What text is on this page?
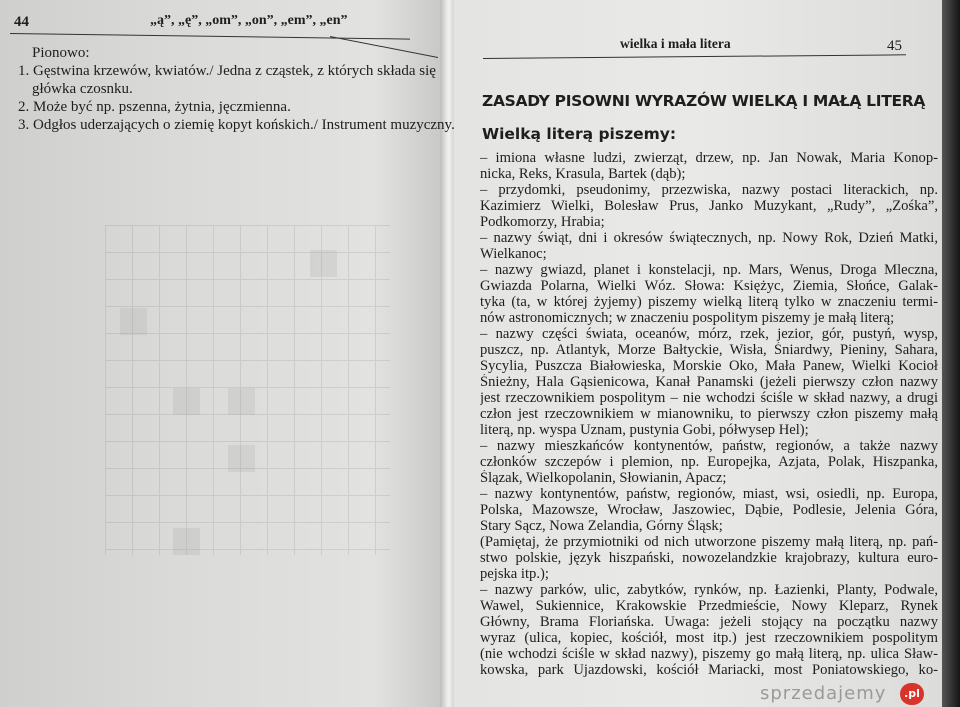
44	„ą”, „ę”, „om”, „on”, „em”, „en”
Pionowo:
1. Gęstwina krzewów, kwiatów./ Jedna z cząstek, z których składa się
główka czosnku.
2. Może być np. pszenna, żytnia, jęczmienna.
3. Odgłos uderzających o ziemię kopyt końskich./ Instrument muzyczny.
wielka i mała litera	45
ZASADY PISOWNI WYRAZÓW WIELKĄ I MAŁĄ LITERĄ
Wielką literą piszemy:
– imiona własne ludzi, zwierząt, drzew, np. Jan Nowak, Maria Konop-
nicka, Reks, Krasula, Bartek (dąb);
– przydomki, pseudonimy, przezwiska, nazwy postaci literackich, np.
Kazimierz Wielki, Bolesław Prus, Janko Muzykant, „Rudy”, „Zośka”,
Podkomorzy, Hrabia;
– nazwy świąt, dni i okresów świątecznych, np. Nowy Rok, Dzień Matki,
Wielkanoc;
– nazwy gwiazd, planet i konstelacji, np. Mars, Wenus, Droga Mleczna,
Gwiazda Polarna, Wielki Wóz. Słowa: Księżyc, Ziemia, Słońce, Galak-
tyka (ta, w której żyjemy) piszemy wielką literą tylko w znaczeniu termi-
nów astronomicznych; w znaczeniu pospolitym piszemy je małą literą;
– nazwy części świata, oceanów, mórz, rzek, jezior, gór, pustyń, wysp,
puszcz, np. Atlantyk, Morze Bałtyckie, Wisła, Śniardwy, Pieniny, Sahara,
Sycylia, Puszcza Białowieska, Morskie Oko, Mała Panew, Wielki Kocioł
Śnieżny, Hala Gąsienicowa, Kanał Panamski (jeżeli pierwszy człon nazwy
jest rzeczownikiem pospolitym – nie wchodzi ściśle w skład nazwy, a drugi
człon jest rzeczownikiem w mianowniku, to pierwszy człon piszemy małą
literą, np. wyspa Uznam, pustynia Gobi, półwysep Hel);
– nazwy mieszkańców kontynentów, państw, regionów, a także nazwy
członków szczepów i plemion, np. Europejka, Azjata, Polak, Hiszpanka,
Ślązak, Wielkopolanin, Słowianin, Apacz;
– nazwy kontynentów, państw, regionów, miast, wsi, osiedli, np. Europa,
Polska, Mazowsze, Wrocław, Jaszowiec, Dąbie, Podlesie, Jelenia Góra,
Stary Sącz, Nowa Zelandia, Górny Śląsk;
(Pamiętaj, że przymiotniki od nich utworzone piszemy małą literą, np. pań-
stwo polskie, język hiszpański, nowozelandzkie krajobrazy, kultura euro-
pejska itp.);
– nazwy parków, ulic, zabytków, rynków, np. Łazienki, Planty, Podwale,
Wawel, Sukiennice, Krakowskie Przedmieście, Nowy Kleparz, Rynek
Główny, Brama Floriańska. Uwaga: jeżeli stojący na początku nazwy
wyraz (ulica, kopiec, kościół, most itp.) jest rzeczownikiem pospolitym
(nie wchodzi ściśle w skład nazwy), piszemy go małą literą, np. ulica Sław-
kowska, park Ujazdowski, kościół Mariacki, most Poniatowskiego, ko-
sprzedajemy	.pl
